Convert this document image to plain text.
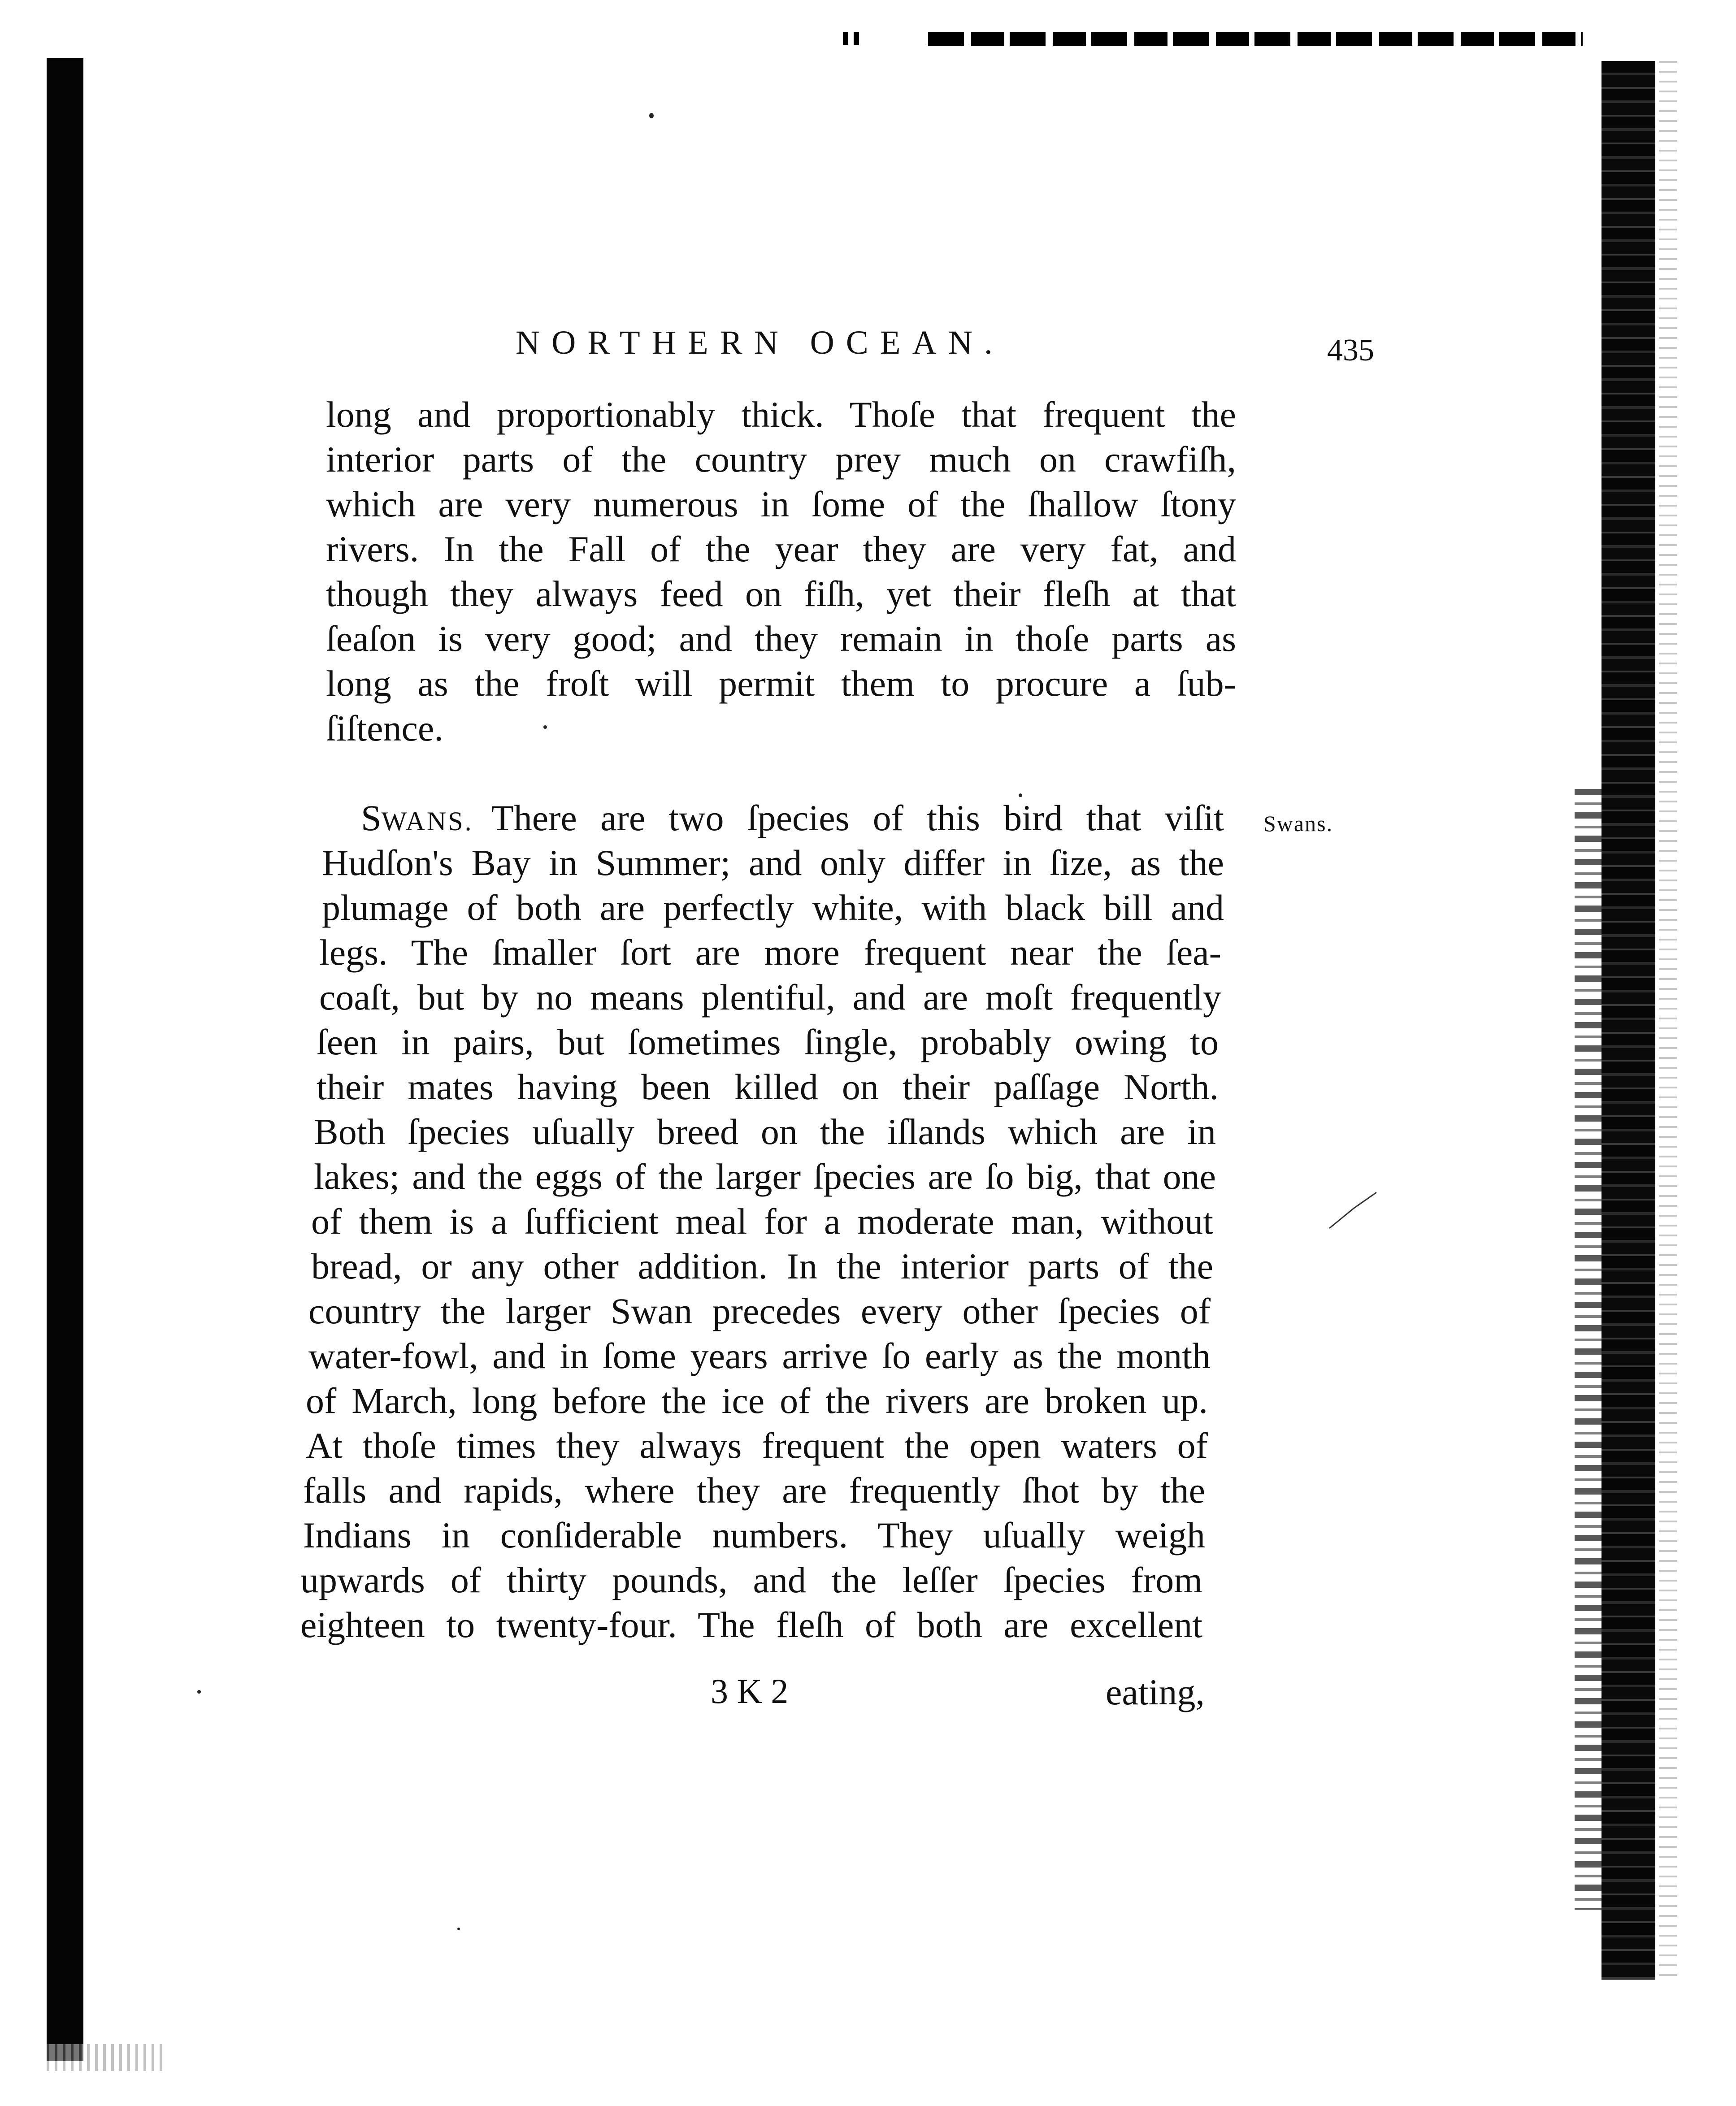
NORTHERN OCEAN.	435
long and proportionably thick. Thoſe that frequent the
interior parts of the country prey much on crawfiſh,
which are very numerous in ſome of the ſhallow ſtony
rivers. In the Fall of the year they are very fat, and
though they always feed on fiſh, yet their fleſh at that
ſeaſon is very good; and they remain in thoſe parts as
long as the froſt will permit them to procure a ſub-
ſiſtence.
Swans.
SWANS. There are two ſpecies of this bird that viſit
Hudſon's Bay in Summer; and only differ in ſize, as the
plumage of both are perfectly white, with black bill and
legs. The ſmaller ſort are more frequent near the ſea-
coaſt, but by no means plentiful, and are moſt frequently
ſeen in pairs, but ſometimes ſingle, probably owing to
their mates having been killed on their paſſage North.
Both ſpecies uſually breed on the iſlands which are in
lakes; and the eggs of the larger ſpecies are ſo big, that one
of them is a ſufficient meal for a moderate man, without
bread, or any other addition. In the interior parts of the
country the larger Swan precedes every other ſpecies of
water-fowl, and in ſome years arrive ſo early as the month
of March, long before the ice of the rivers are broken up.
At thoſe times they always frequent the open waters of
falls and rapids, where they are frequently ſhot by the
Indians in conſiderable numbers. They uſually weigh
upwards of thirty pounds, and the leſſer ſpecies from
eighteen to twenty-four. The fleſh of both are excellent
3 K 2	eating,
